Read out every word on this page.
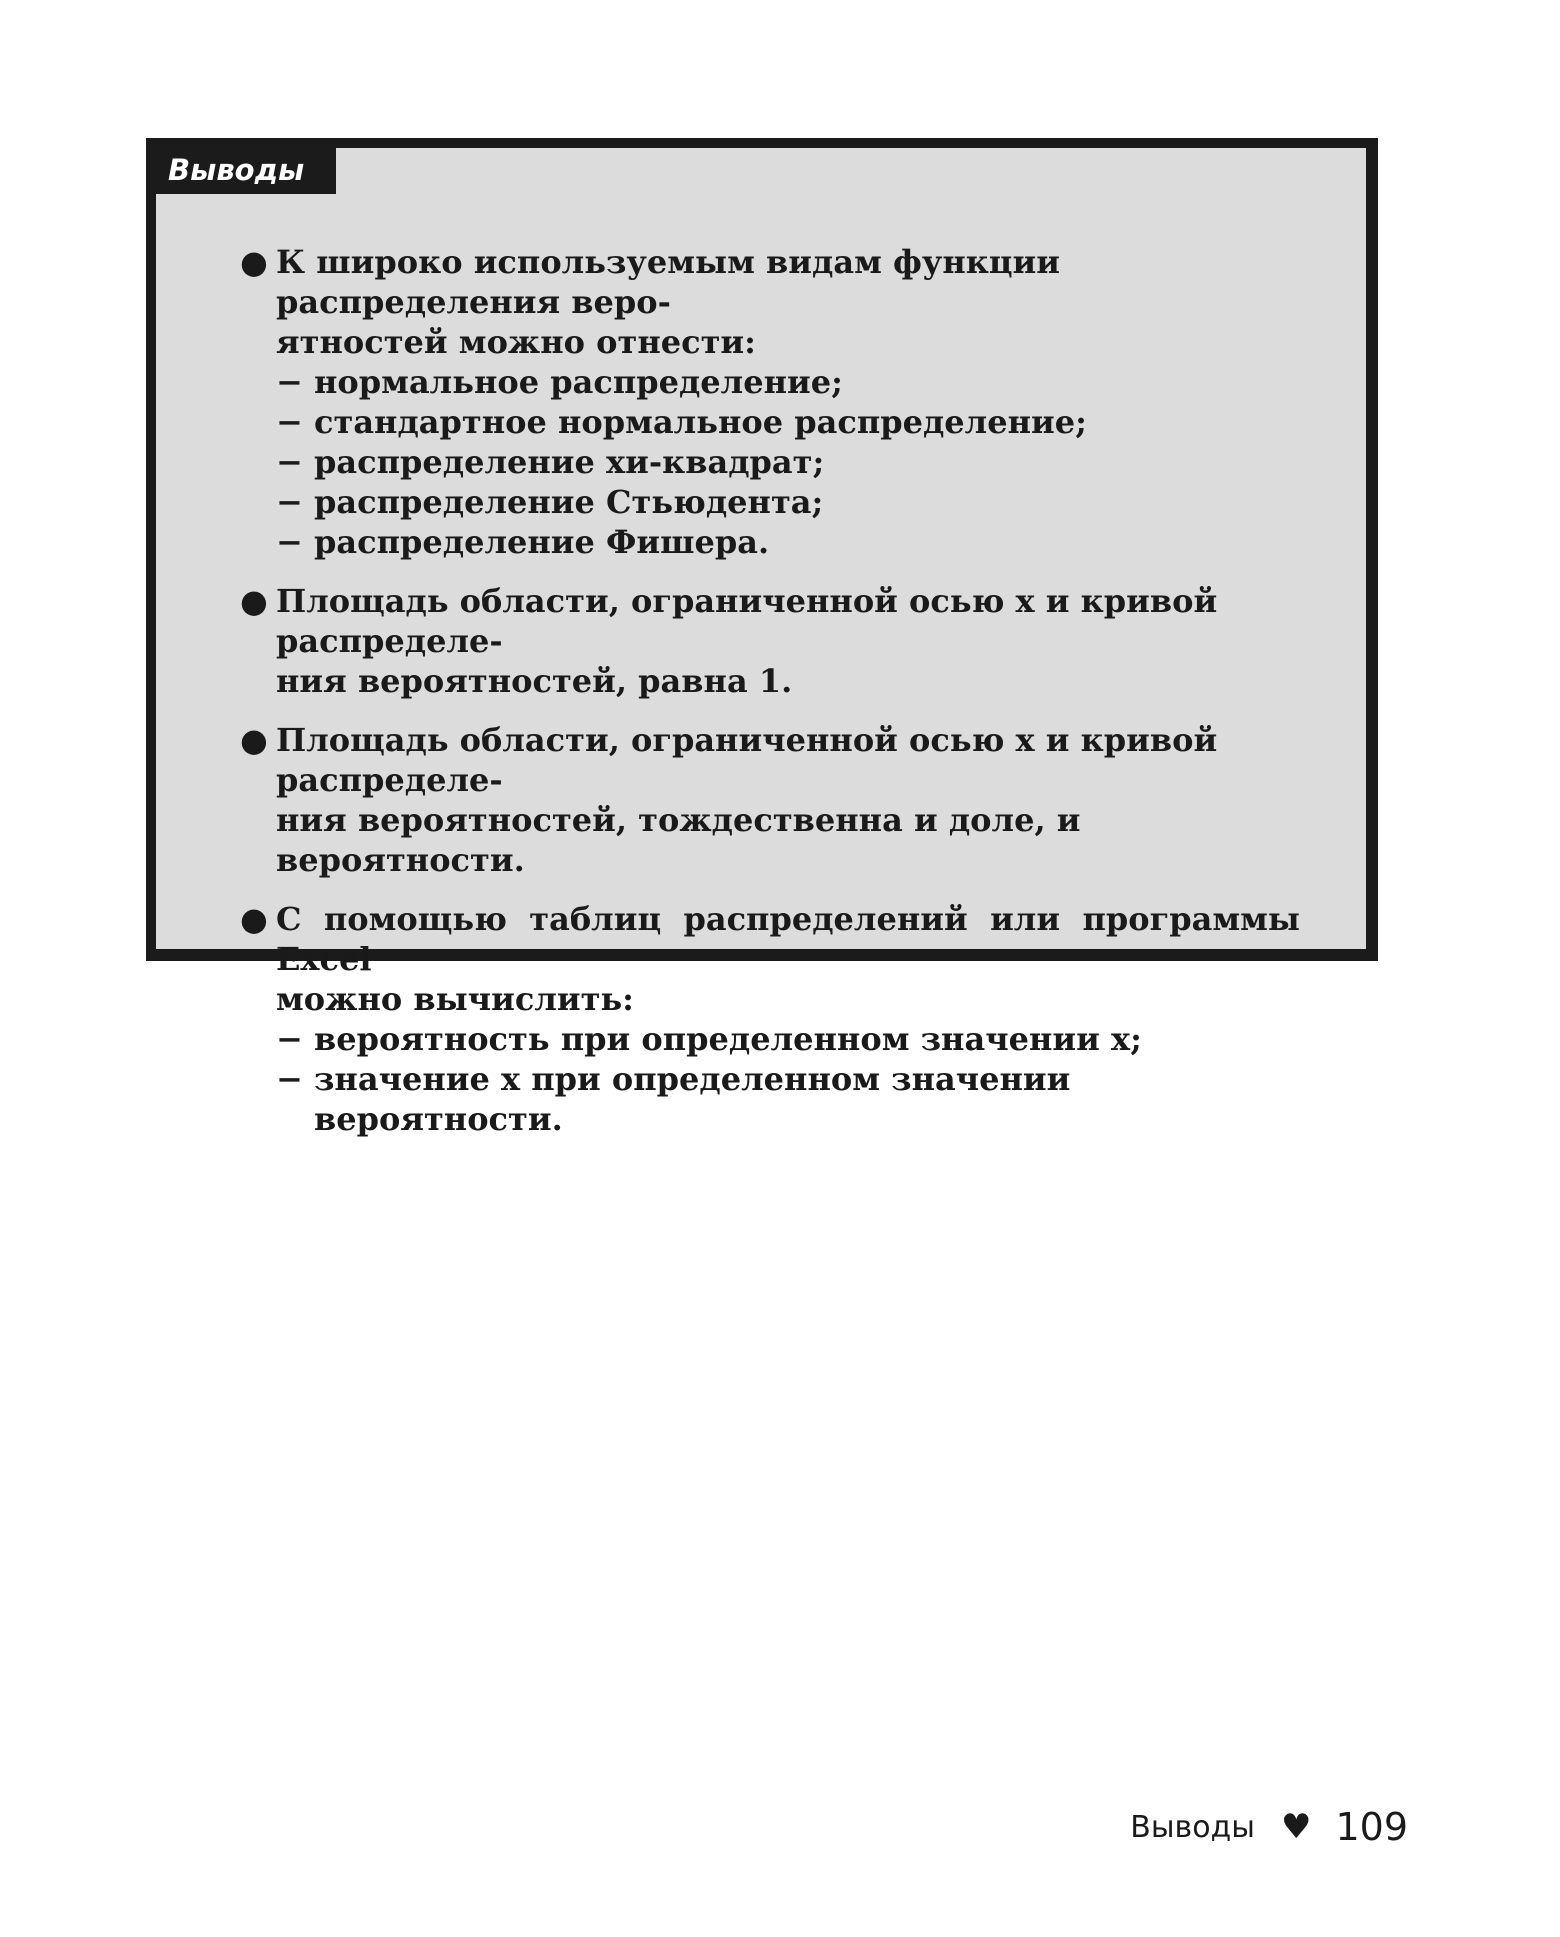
Выводы
● К широко используемым видам функции распределения веро-
ятностей можно отнести:
− нормальное распределение;
− стандартное нормальное распределение;
− распределение хи-квадрат;
− распределение Стьюдента;
− распределение Фишера.
● Площадь области, ограниченной осью x и кривой распределе-
ния вероятностей, равна 1.
● Площадь области, ограниченной осью x и кривой распределе-
ния вероятностей, тождественна и доле, и вероятности.
● С помощью таблиц распределений или программы Excel
можно вычислить:
− вероятность при определенном значении x;
− значение x при определенном значении вероятности.
Выводы ♥ 109
